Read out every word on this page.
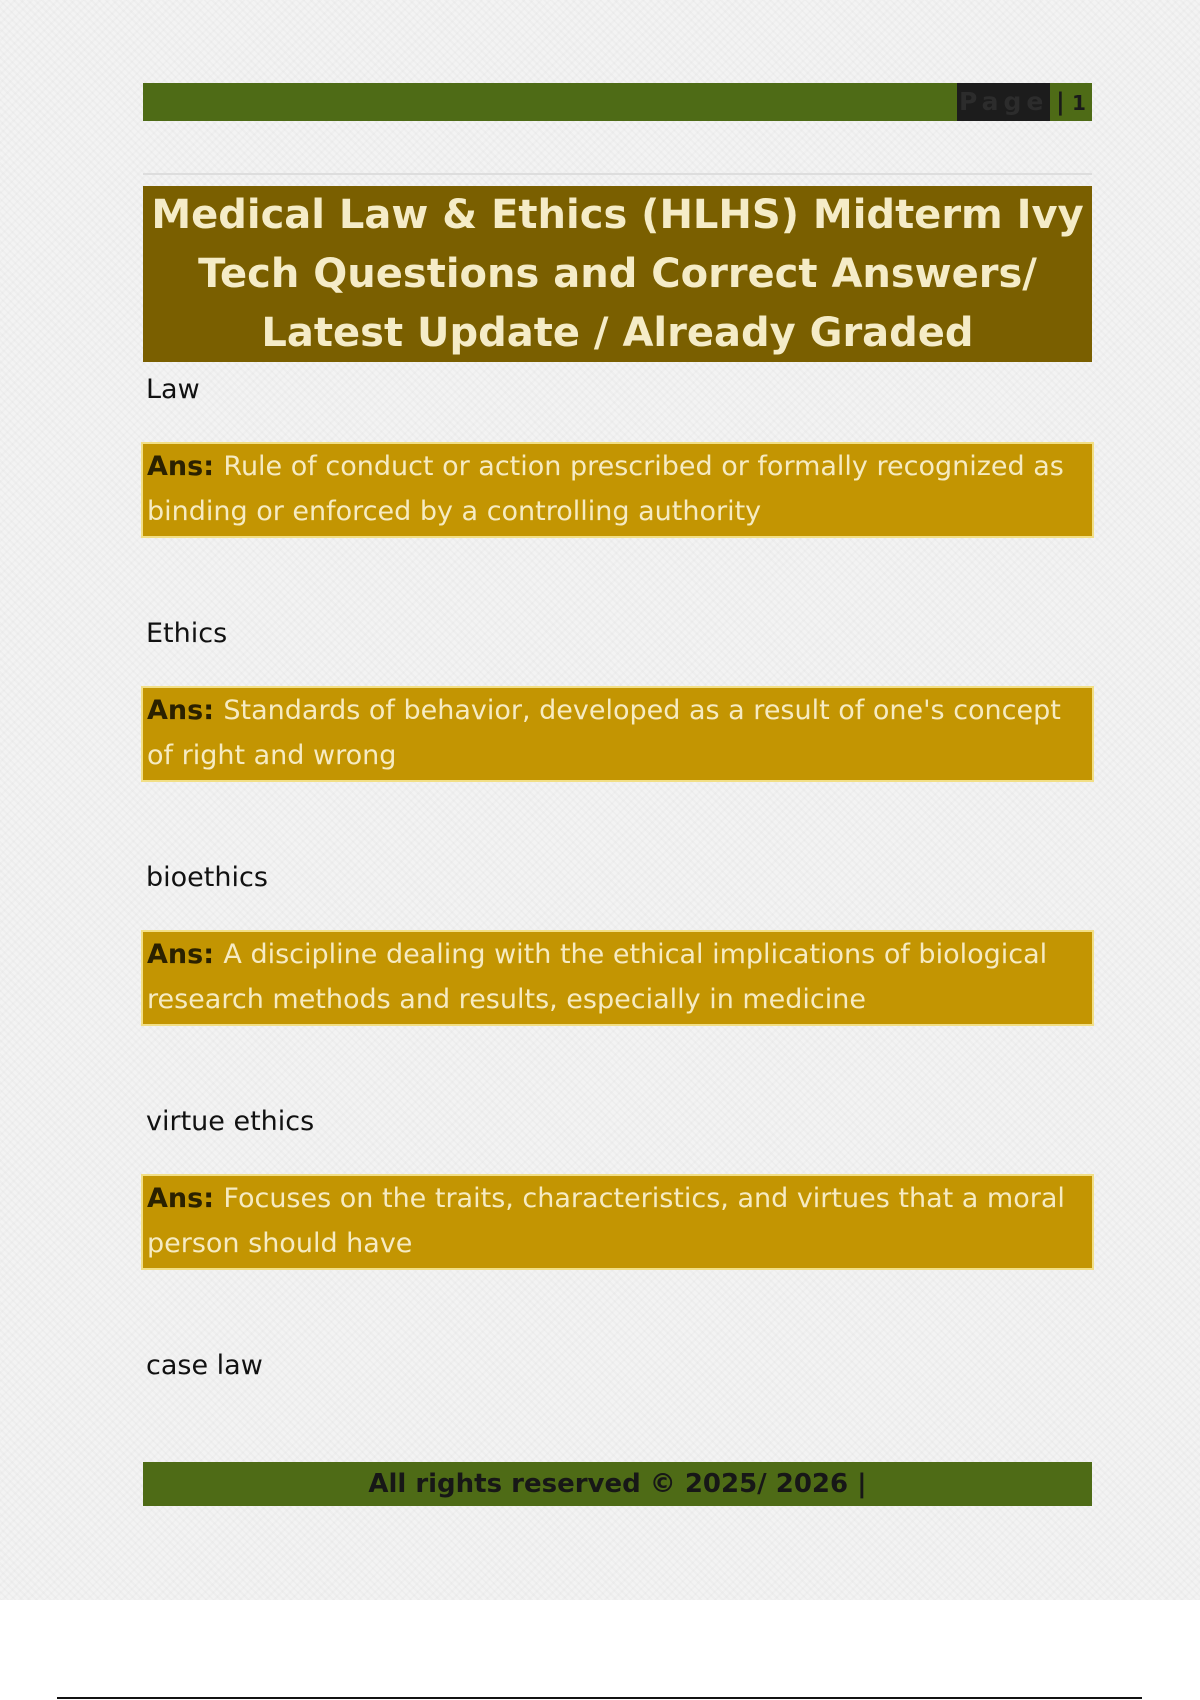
Page | 1
Medical Law & Ethics (HLHS) Midterm Ivy Tech Questions and Correct Answers/ Latest Update / Already Graded
Law
Ans: Rule of conduct or action prescribed or formally recognized as binding or enforced by a controlling authority
Ethics
Ans: Standards of behavior, developed as a result of one's concept of right and wrong
bioethics
Ans: A discipline dealing with the ethical implications of biological research methods and results, especially in medicine
virtue ethics
Ans: Focuses on the traits, characteristics, and virtues that a moral person should have
case law
All rights reserved © 2025/ 2026 |
